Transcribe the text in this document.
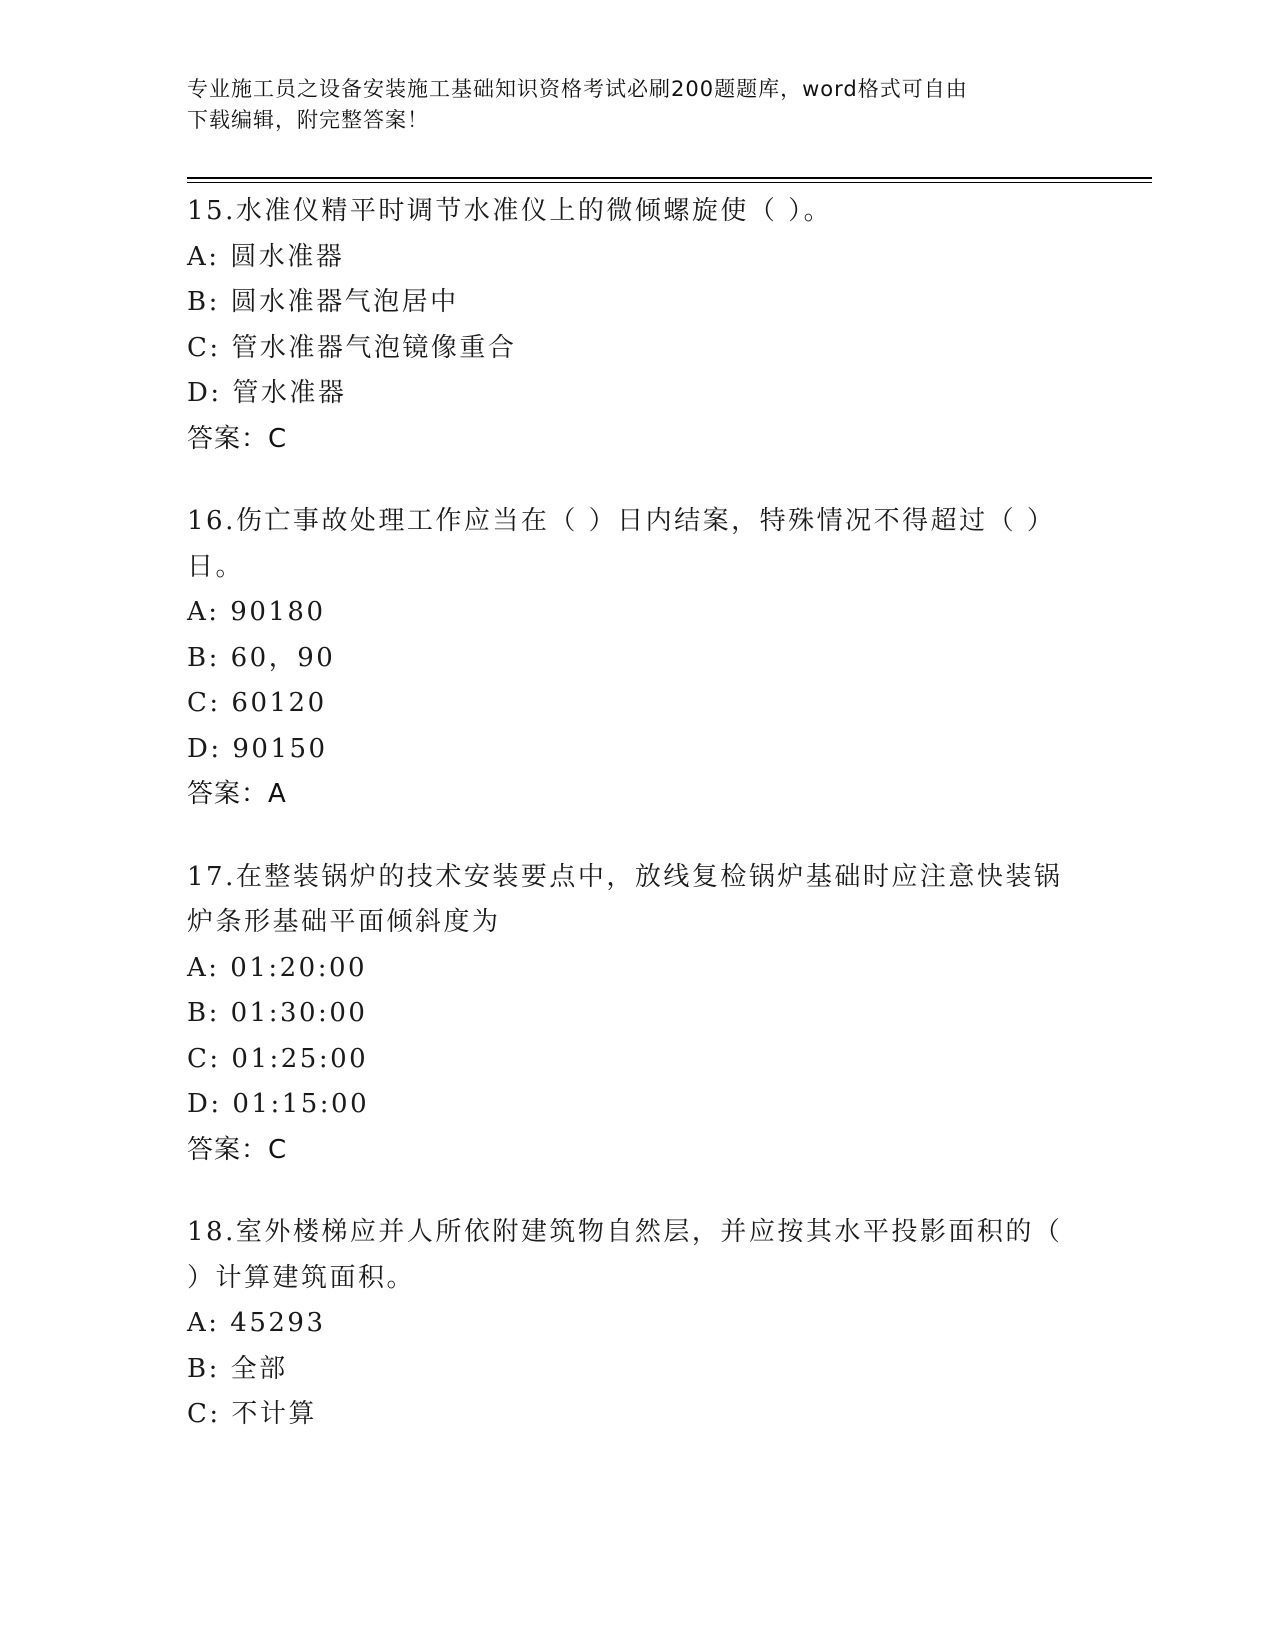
专业施工员之设备安装施工基础知识资格考试必刷200题题库，word格式可自由
下载编辑，附完整答案！
15.水准仪精平时调节水准仪上的微倾螺旋使（ ）。
A: 圆水准器
B: 圆水准器气泡居中
C: 管水准器气泡镜像重合
D: 管水准器
答案：C
16.伤亡事故处理工作应当在（ ）日内结案，特殊情况不得超过（ ）日。
A: 90180
B: 60，90
C: 60120
D: 90150
答案：A
17.在整装锅炉的技术安装要点中，放线复检锅炉基础时应注意快装锅炉条形基础平面倾斜度为
A: 01:20:00
B: 01:30:00
C: 01:25:00
D: 01:15:00
答案：C
18.室外楼梯应并人所依附建筑物自然层，并应按其水平投影面积的（ ）计算建筑面积。
A: 45293
B: 全部
C: 不计算
